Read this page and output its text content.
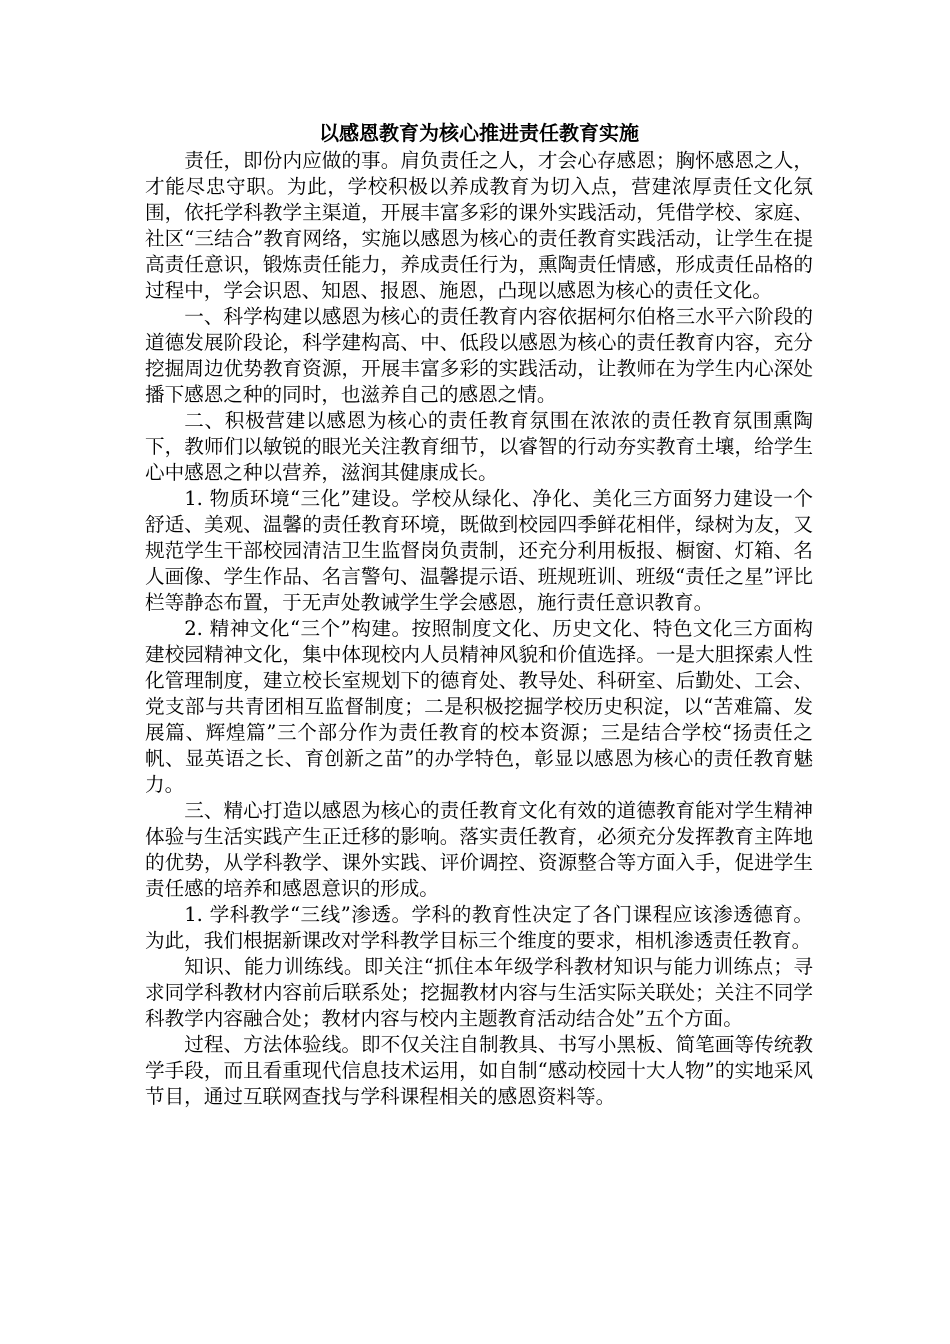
以感恩教育为核心推进责任教育实施

责任，即份内应做的事。肩负责任之人，才会心存感恩；胸怀感恩之人，才能尽忠守职。为此，学校积极以养成教育为切入点，营建浓厚责任文化氛围，依托学科教学主渠道，开展丰富多彩的课外实践活动，凭借学校、家庭、社区“三结合”教育网络，实施以感恩为核心的责任教育实践活动，让学生在提高责任意识，锻炼责任能力，养成责任行为，熏陶责任情感，形成责任品格的过程中，学会识恩、知恩、报恩、施恩，凸现以感恩为核心的责任文化。

一、科学构建以感恩为核心的责任教育内容依据柯尔伯格三水平六阶段的道德发展阶段论，科学建构高、中、低段以感恩为核心的责任教育内容，充分挖掘周边优势教育资源，开展丰富多彩的实践活动，让教师在为学生内心深处播下感恩之种的同时，也滋养自己的感恩之情。

二、积极营建以感恩为核心的责任教育氛围在浓浓的责任教育氛围熏陶下，教师们以敏锐的眼光关注教育细节，以睿智的行动夯实教育土壤，给学生心中感恩之种以营养，滋润其健康成长。

1. 物质环境“三化”建设。学校从绿化、净化、美化三方面努力建设一个舒适、美观、温馨的责任教育环境，既做到校园四季鲜花相伴，绿树为友，又规范学生干部校园清洁卫生监督岗负责制，还充分利用板报、橱窗、灯箱、名人画像、学生作品、名言警句、温馨提示语、班规班训、班级“责任之星”评比栏等静态布置，于无声处教诫学生学会感恩，施行责任意识教育。

2. 精神文化“三个”构建。按照制度文化、历史文化、特色文化三方面构建校园精神文化，集中体现校内人员精神风貌和价值选择。一是大胆探索人性化管理制度，建立校长室规划下的德育处、教导处、科研室、后勤处、工会、党支部与共青团相互监督制度；二是积极挖掘学校历史积淀，以“苦难篇、发展篇、辉煌篇”三个部分作为责任教育的校本资源；三是结合学校“扬责任之帆、显英语之长、育创新之苗”的办学特色，彰显以感恩为核心的责任教育魅力。

三、精心打造以感恩为核心的责任教育文化有效的道德教育能对学生精神体验与生活实践产生正迁移的影响。落实责任教育，必须充分发挥教育主阵地的优势，从学科教学、课外实践、评价调控、资源整合等方面入手，促进学生责任感的培养和感恩意识的形成。

1. 学科教学“三线”渗透。学科的教育性决定了各门课程应该渗透德育。为此，我们根据新课改对学科教学目标三个维度的要求，相机渗透责任教育。

知识、能力训练线。即关注“抓住本年级学科教材知识与能力训练点；寻求同学科教材内容前后联系处；挖掘教材内容与生活实际关联处；关注不同学科教学内容融合处；教材内容与校内主题教育活动结合处”五个方面。

过程、方法体验线。即不仅关注自制教具、书写小黑板、简笔画等传统教学手段，而且看重现代信息技术运用，如自制“感动校园十大人物”的实地采风节目，通过互联网查找与学科课程相关的感恩资料等。
